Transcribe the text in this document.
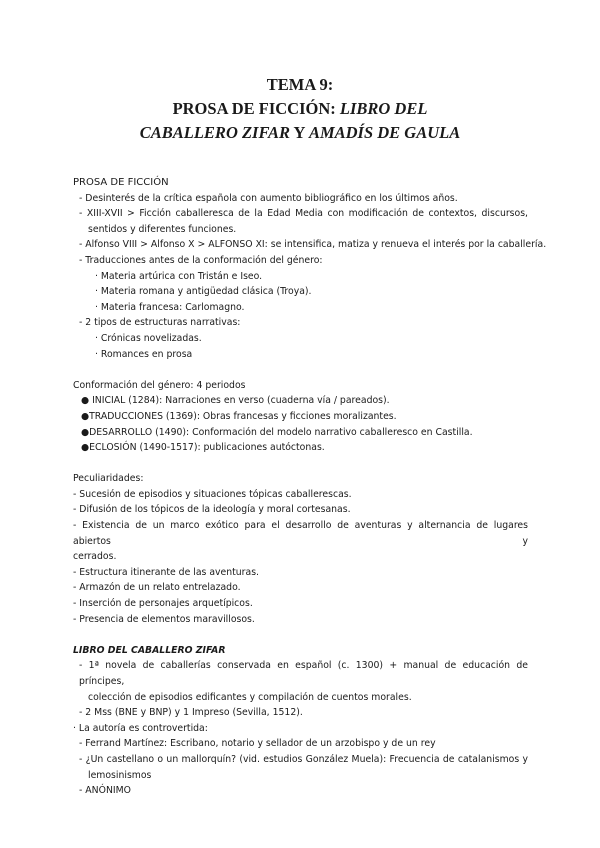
TEMA 9:
PROSA DE FICCIÓN: LIBRO DEL
CABALLERO ZIFAR Y AMADÍS DE GAULA
PROSA DE FICCIÓN
- Desinterés de la crítica española con aumento bibliográfico en los últimos años.
- XIII-XVII > Ficción caballeresca de la Edad Media con modificación de contextos, discursos,
sentidos y diferentes funciones.
- Alfonso VIII > Alfonso X > ALFONSO XI: se intensifica, matiza y renueva el interés por la caballería.
- Traducciones antes de la conformación del género:
· Materia artúrica con Tristán e Iseo.
· Materia romana y antigüedad clásica (Troya).
· Materia francesa: Carlomagno.
- 2 tipos de estructuras narrativas:
· Crónicas novelizadas.
· Romances en prosa
Conformación del género: 4 periodos
● INICIAL (1284): Narraciones en verso (cuaderna vía / pareados).
●TRADUCCIONES (1369): Obras francesas y ficciones moralizantes.
●DESARROLLO (1490): Conformación del modelo narrativo caballeresco en Castilla.
●ECLOSIÓN (1490-1517): publicaciones autóctonas.
Peculiaridades:
- Sucesión de episodios y situaciones tópicas caballerescas.
- Difusión de los tópicos de la ideología y moral cortesanas.
- Existencia de un marco exótico para el desarrollo de aventuras y alternancia de lugares abiertos y
cerrados.
- Estructura itinerante de las aventuras.
- Armazón de un relato entrelazado.
- Inserción de personajes arquetípicos.
- Presencia de elementos maravillosos.
LIBRO DEL CABALLERO ZIFAR
- 1ª novela de caballerías conservada en español (c. 1300) + manual de educación de príncipes,
colección de episodios edificantes y compilación de cuentos morales.
- 2 Mss (BNE y BNP) y 1 Impreso (Sevilla, 1512).
· La autoría es controvertida:
- Ferrand Martínez: Escribano, notario y sellador de un arzobispo y de un rey
- ¿Un castellano o un mallorquín? (vid. estudios González Muela): Frecuencia de catalanismos y
lemosinismos
- ANÓNIMO
